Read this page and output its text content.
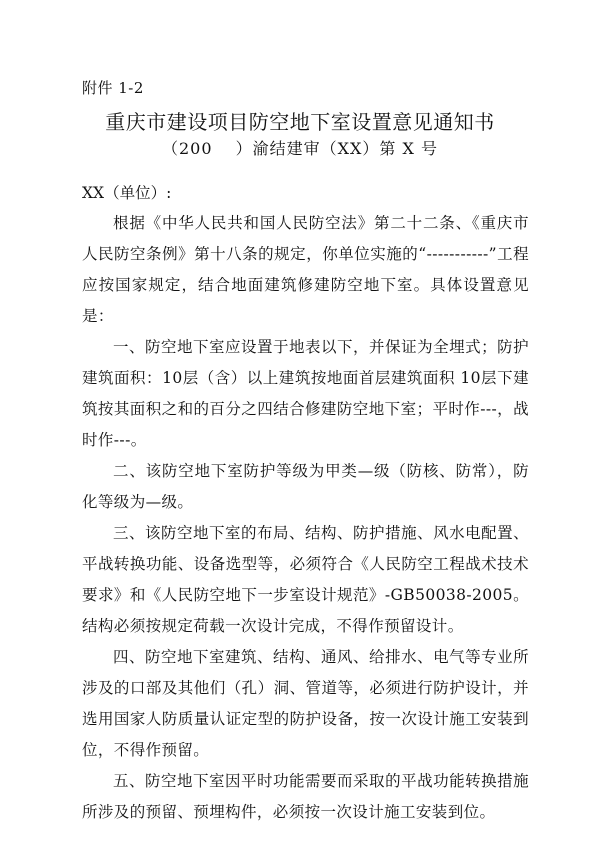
附件 1-2
重庆市建设项目防空地下室设置意见通知书
（200　 ）渝结建审（XX）第 X 号
XX（单位）:

根据《中华人民共和国人民防空法》第二十二条、《重庆市人民防空条例》第十八条的规定，你单位实施的“-----------”工程应按国家规定，结合地面建筑修建防空地下室。具体设置意见是：

一、防空地下室应设置于地表以下，并保证为全埋式；防护建筑面积：10层（含）以上建筑按地面首层建筑面积 10层下建筑按其面积之和的百分之四结合修建防空地下室；平时作---，战时作---。

二、该防空地下室防护等级为甲类—级（防核、防常），防化等级为—级。

三、该防空地下室的布局、结构、防护措施、风水电配置、平战转换功能、设备选型等，必须符合《人民防空工程战术技术要求》和《人民防空地下一步室设计规范》-GB50038-2005。结构必须按规定荷载一次设计完成，不得作预留设计。

四、防空地下室建筑、结构、通风、给排水、电气等专业所涉及的口部及其他们（孔）洞、管道等，必须进行防护设计，并选用国家人防质量认证定型的防护设备，按一次设计施工安装到位，不得作预留。

五、防空地下室因平时功能需要而采取的平战功能转换措施所涉及的预留、预埋构件，必须按一次设计施工安装到位。
